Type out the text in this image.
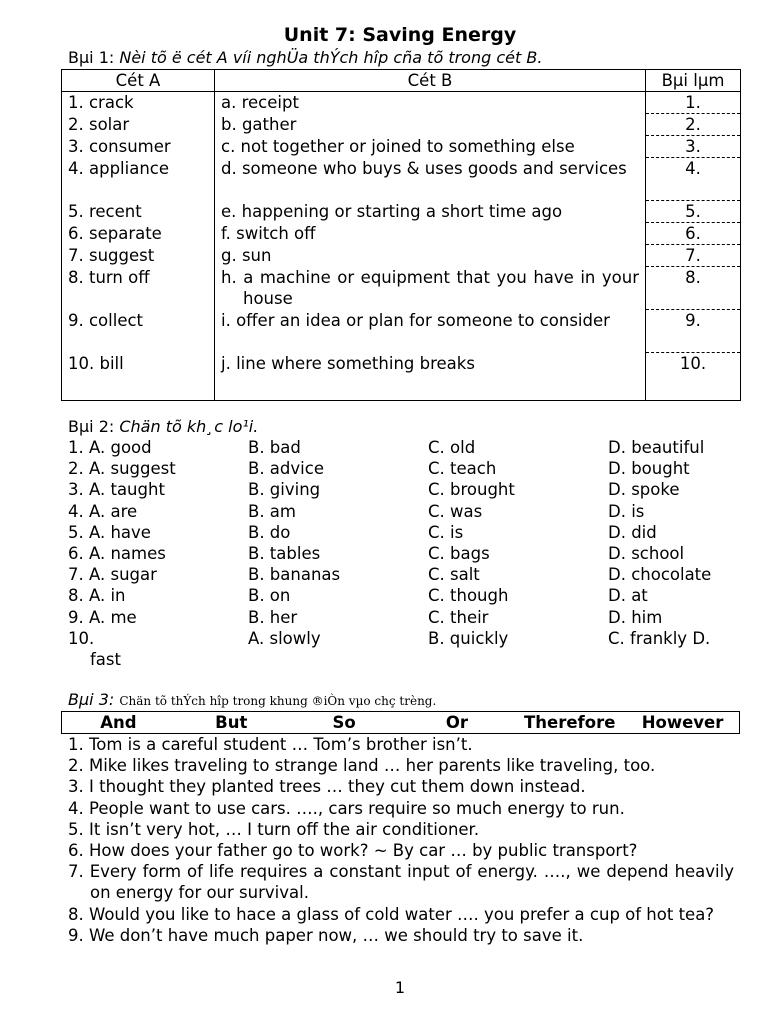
Unit 7: Saving Energy
Bµi 1: Nèi tõ ë cét A víi nghÜa thÝch hîp cña tõ trong cét B.
Cét A	Cét B	Bµi lµm
1. crack	a. receipt	1.

2. solar	b. gather	2.

3. consumer	c. not together or joined to something else	3.

4. appliance	d. someone who buys & uses goods and services	4.

5. recent	e. happening or starting a short time ago	5.

6. separate	f. switch off	6.

7. suggest	g. sun	7.

8. turn off	h. a machine or equipment that you have in your house	8.

9. collect	i. offer an idea or plan for someone to consider	9.

10. bill	j. line where something breaks	10.
Bµi 2: Chän tõ kh¸c lo¹i.
1. A. good	B. bad	C. old	D. beautiful
2. A. suggest	B. advice	C. teach	D. bought
3. A. taught	B. giving	C. brought	D. spoke
4. A. are	B. am	C. was	D. is
5. A. have	B. do	C. is	D. did
6. A. names	B. tables	C. bags	D. school
7. A. sugar	B. bananas	C. salt	D. chocolate
8. A. in	B. on	C. though	D. at
9. A. me	B. her	C. their	D. him
10.	A. slowly	B. quickly	C. frankly D.
fast
Bµi 3: Chän tõ thÝch hîp trong khung ®iÒn vµo chç trèng.
And	But	So	Or	Therefore	However
1. Tom is a careful student … Tom’s brother isn’t.
2. Mike likes traveling to strange land … her parents like traveling, too.
3. I thought they planted trees … they cut them down instead.
4. People want to use cars. …., cars require so much energy to run.
5. It isn’t very hot, … I turn off the air conditioner.
6. How does your father go to work? ~ By car … by public transport?
7. Every form of life requires a constant input of energy. …., we depend heavily on energy for our survival.
8. Would you like to hace a glass of cold water …. you prefer a cup of hot tea?
9. We don’t have much paper now, … we should try to save it.
1
